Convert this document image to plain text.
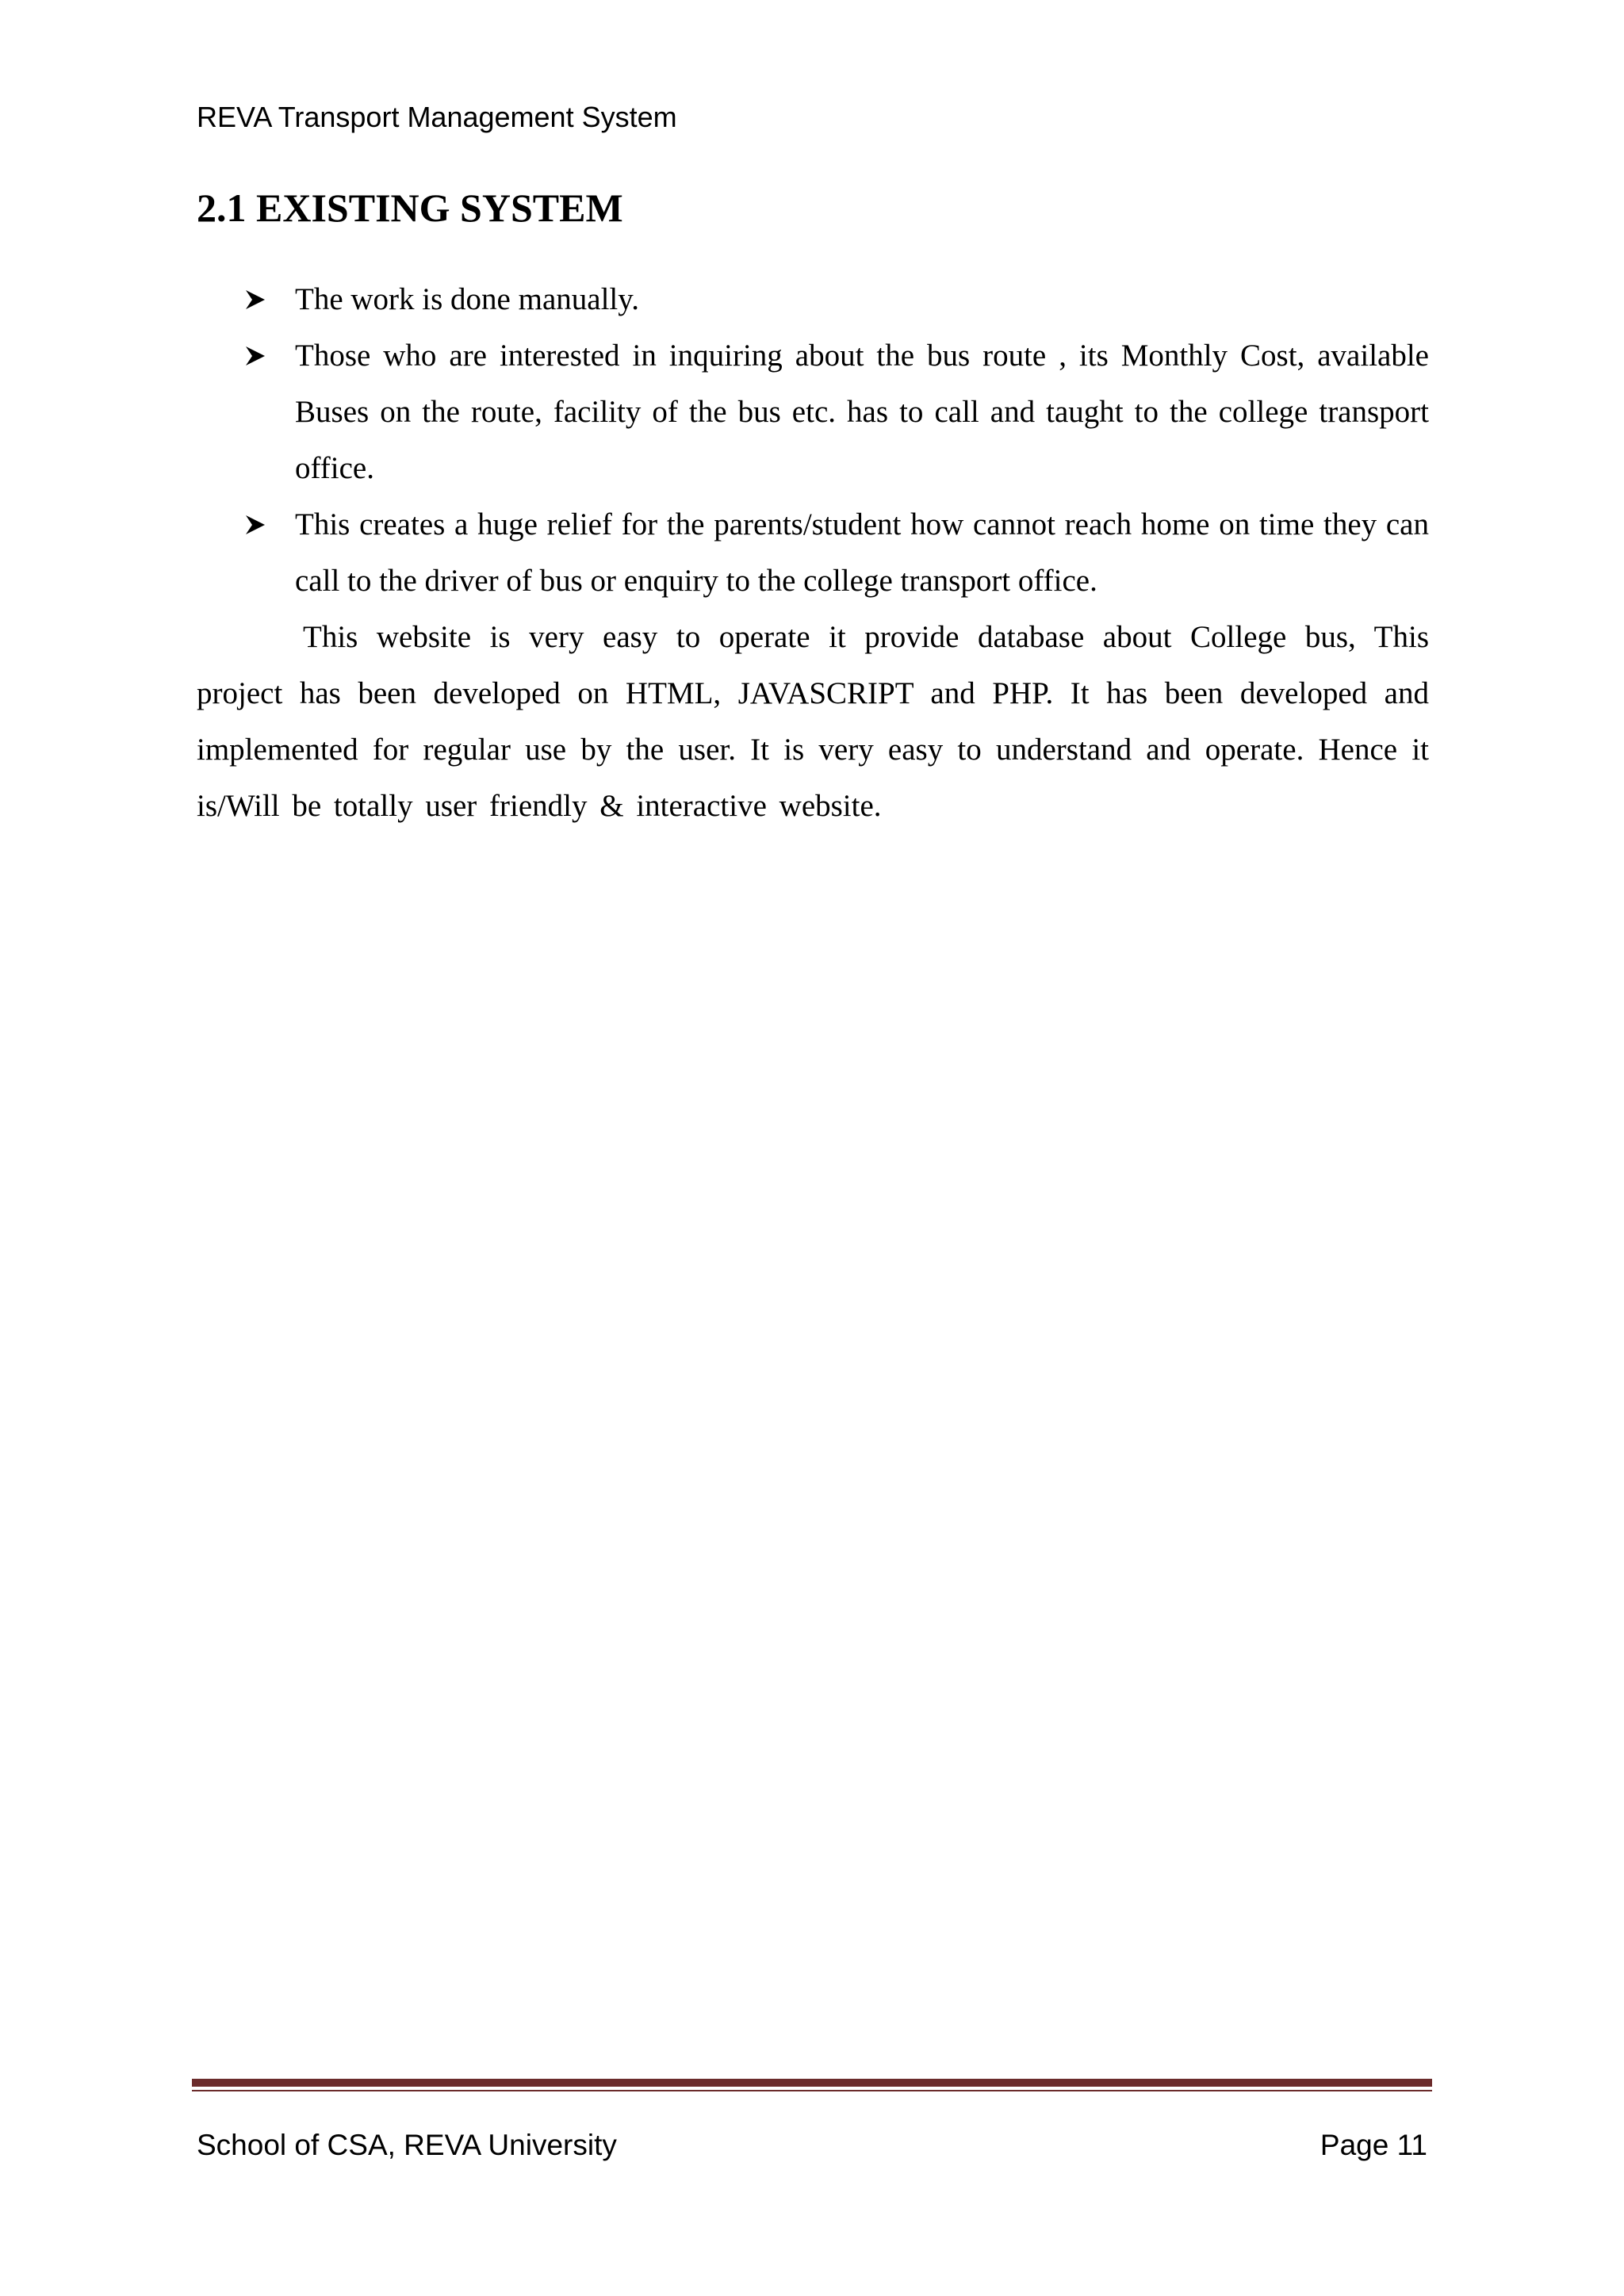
REVA Transport Management System
2.1 EXISTING SYSTEM
The work is done manually.
Those who are interested in inquiring about the bus route , its Monthly Cost, available Buses on the route, facility of the bus etc. has to call and taught to the college transport office.
This creates a huge relief for the parents/student how cannot reach home on time they can call to the driver of bus or enquiry to the college transport office.

This website is very easy to operate it provide database about College bus, This project has been developed on HTML, JAVASCRIPT and PHP. It has been developed and implemented for regular use by the user. It is very easy to understand and operate. Hence it is/Will be totally user friendly & interactive website.

School of CSA, REVA University	Page 11
